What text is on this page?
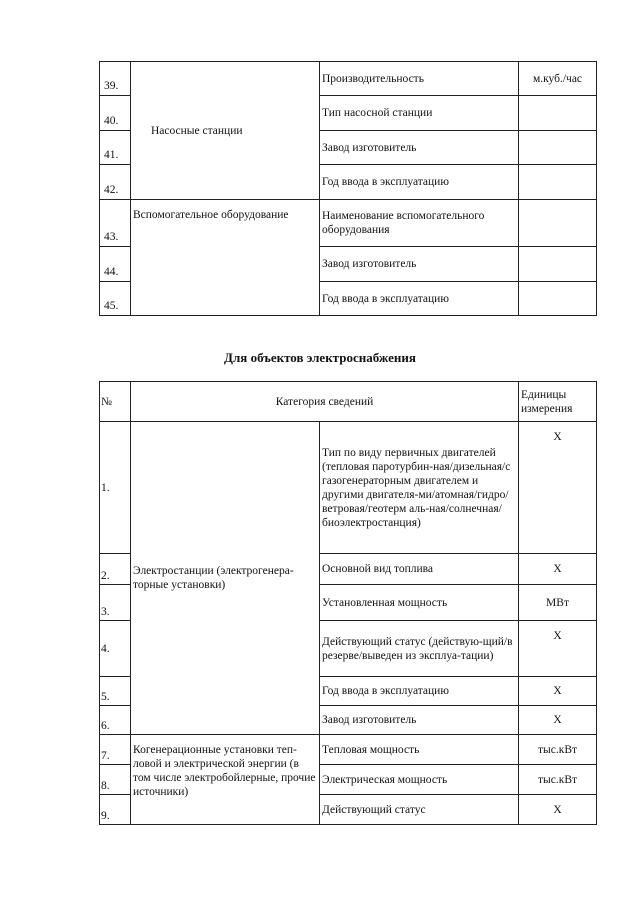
39.	Насосные станции	Производительность	м.куб./час
40.		Тип насосной станции	
41.		Завод изготовитель	
42.		Год ввода в эксплуатацию	
43.	Вспомогательное оборудование	Наименование вспомогательного оборудования	
44.		Завод изготовитель	
45.		Год ввода в эксплуатацию	
Для объектов электроснабжения
№	Категория сведений		Единицы измерения
1.	Электростанции (электрогенера-торные установки)	Тип по виду первичных двигателей (тепловая паротурбин-ная/дизельная/с газогенераторным двигателем и другими двигателя-ми/атомная/гидро/ветровая/геотерм аль-ная/солнечная/биоэлектростанция)	Х
2.		Основной вид топлива	Х
3.		Установленная мощность	МВт
4.		Действующий статус (действую-щий/в резерве/выведен из эксплуа-тации)	Х
5.		Год ввода в эксплуатацию	Х
6.		Завод изготовитель	Х
7.	Когенерационные установки теп-ловой и электрической энергии (в том числе электробойлерные, прочие источники)	Тепловая мощность	тыс.кВт
8.		Электрическая мощность	тыс.кВт
9.		Действующий статус	Х
